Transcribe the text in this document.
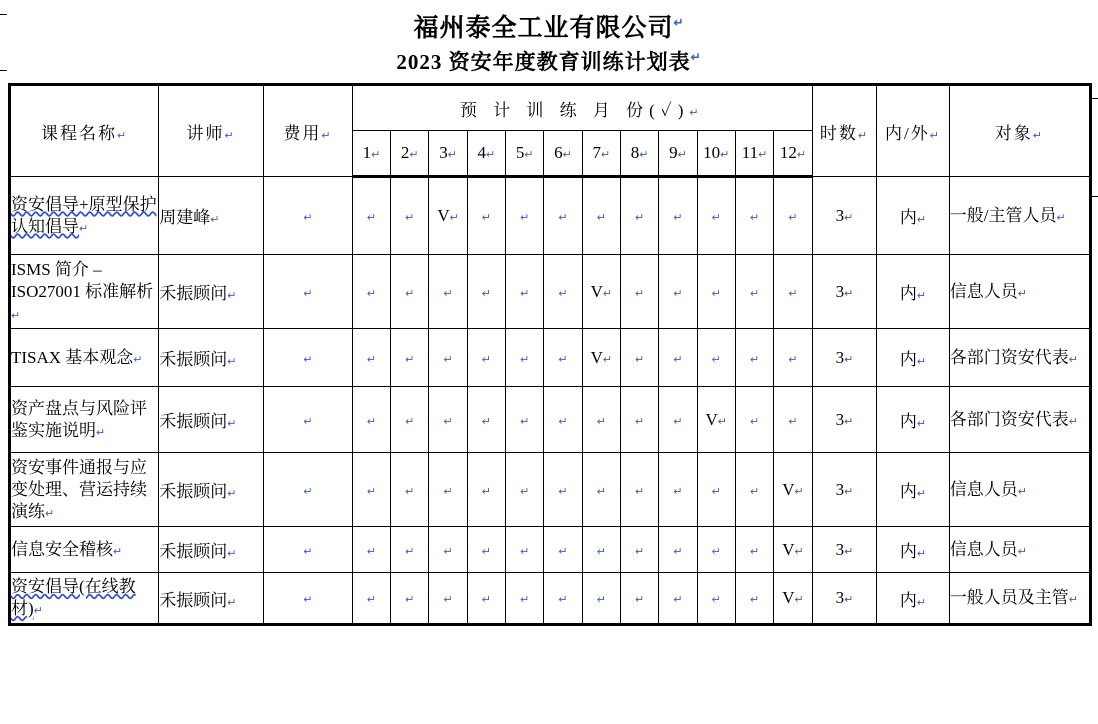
福州泰全工业有限公司↵
2023 资安年度教育训练计划表↵
课程名称↵	讲师↵	费用↵	预 计 训 练 月 份(✓)↵												时数↵	内/外↵	对象↵
			1↵	2↵	3↵	4↵	5↵	6↵	7↵	8↵	9↵	10↵	11↵	12↵			
资安倡导+原型保护认知倡导↵	周建峰↵	↵	↵	↵	V↵	↵	↵	↵	↵	↵	↵	↵	↵	↵	3↵	内↵	一般/主管人员↵
ISMS 简介 –ISO27001 标准解析↵	禾振顾问↵	↵	↵	↵	↵	↵	↵	↵	V↵	↵	↵	↵	↵	↵	3↵	内↵	信息人员↵
TISAX 基本观念↵	禾振顾问↵	↵	↵	↵	↵	↵	↵	↵	V↵	↵	↵	↵	↵	↵	3↵	内↵	各部门资安代表↵
资产盘点与风险评鉴实施说明↵	禾振顾问↵	↵	↵	↵	↵	↵	↵	↵	↵	↵	↵	V↵	↵	↵	3↵	内↵	各部门资安代表↵
资安事件通报与应变处理、营运持续演练↵	禾振顾问↵	↵	↵	↵	↵	↵	↵	↵	↵	↵	↵	↵	↵	V↵	3↵	内↵	信息人员↵
信息安全稽核↵	禾振顾问↵	↵	↵	↵	↵	↵	↵	↵	↵	↵	↵	↵	↵	V↵	3↵	内↵	信息人员↵
资安倡导(在线教材)↵	禾振顾问↵	↵	↵	↵	↵	↵	↵	↵	↵	↵	↵	↵	↵	V↵	3↵	内↵	一般人员及主管↵
